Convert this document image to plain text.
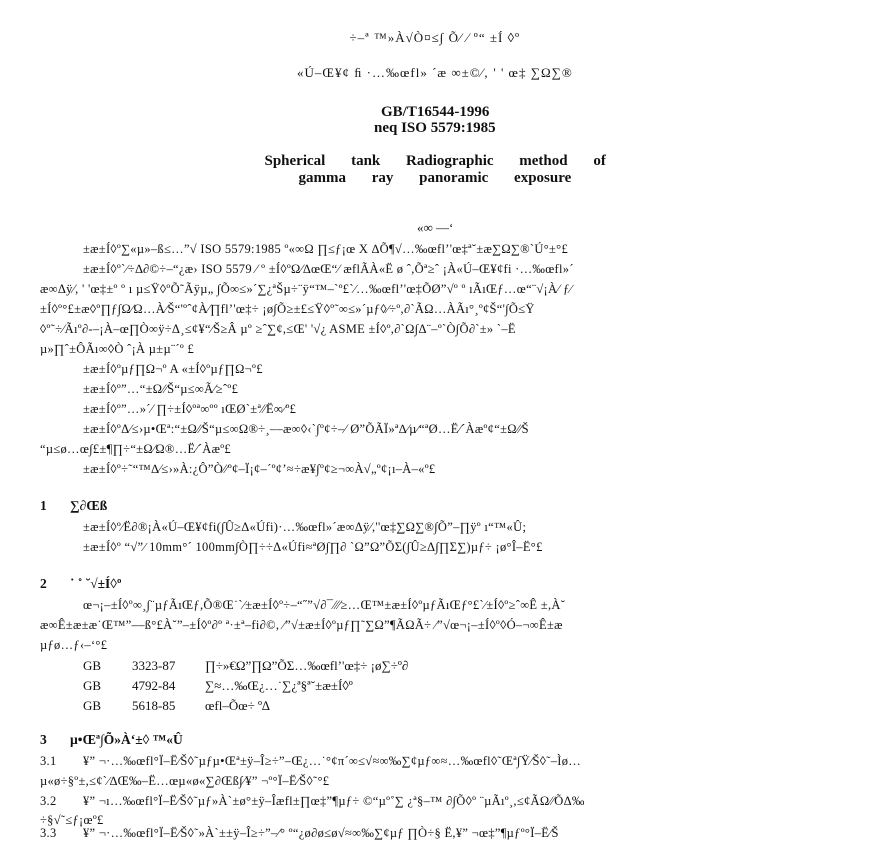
÷–ª ™»À√Ò¤≤∫ Õ⁄ ⁄ º“ ±Í ◊º
«Ú–Œ¥¢ ﬁ ·…‰œfl» ´æ ∞±©⁄‚ ' ' œ‡ ∑Ω∑®
GB/T16544-1996
neq ISO 5579:1985
Spherical tank Radiographic method of
gamma ray panoramic exposure
«∞ —‘
±æ±Í◊º∑«µ»–ß≤…”√ ISO 5579:1985 º«∞Ω ∏≤ƒ¡œ X ∆Õ¶√…‰œfl’'œ‡ª˘±æ∑Ω∑®`Ú°±°£
±æ±Í◊º`∕÷∆∂©÷–“¿æ› ISO 5579 ⁄ º ±Í◊ºΩ⁄∆œŒ“⁄ æflÃÀ«Ë ø ˆ,Õª≥ˆ ¡À«Ú–Œ¥¢fi ·…‰œfl»´
æ∞Δÿ⁄, ' 'œ‡±º º ı µ≤Ÿ◊ºÕ˜Ãÿµ„ ∫Õ∞≤»´∑¿ªŠµ÷¨ÿ“™–`º£`∕…‰œfl’'œ‡ÕØ”√º º ıÃıŒƒ…œ“¨√¡À⁄ ƒ∕
±Í◊º°£±æ◊º∏ƒ∫Ω⁄Ω…À⁄Š“'ºˆ¢À⁄∏fl’'œ‡÷ ¡ø∫Õ≥±£≤Ÿ◊º˜∞≤»´µƒ◊∕÷º,∂`ÃΩ…ÀÃı°¸º¢Š“'∫Õ≤Ÿ
◊º˜÷⁄Ãıº∂-–¡À–œ∏Ò∞ÿ÷Δ¸≤¢¥“⁄Š≥Â µº ≥ˆ∑¢,≤Œ' '√¿ ASME ±Í◊º,∂`Ω∫Δ¨–º`Ò∫Õ∂`±» `–Ë
µ»∏ˆ±ÔÃı∞◊Ò ˆ¡À µ±µ¨´º £
±æ±Í◊ºµƒ∏Ω¬º A «±Í◊ºµƒ∏Ω¬º£
±æ±Í◊º”…“±Ω⁄⁄Š“µ≤∞Ã⁄≥ˆº£
±æ±Í◊º”…»´⁄ ∏÷±Í◊ºª∞ºº ıŒØ`±ª⁄⁄Ë∞∕º£
±æ±Í◊ºΔ⁄≤›µ•Œª:“±Ω⁄⁄Š“µ≤∞Ω®÷¸––æ∞◊‹`∫º¢÷–⁄ Ø”ÕÃÏ»ª∆⁄µ∕“ªØ…Ë⁄´Àæº¢“±Ω⁄⁄Š
“µ≤ø…œ∫£±¶∏÷“±Ω⁄Ω®…Ë⁄´Àæº£
±æ±Í◊º÷˜“™∆⁄≤›»À:¿Ô”Ò⁄⁄º¢–Ï¡¢–´º¢’≈÷æ¥∫º¢≥¬∞À√„º¢¡ı–À–«º£
1 ∑∂Œß
±æ±Í◊º⁄Ë∂®¡À«Ú–Œ¥¢fi(∫Û≥Δ«Úfi)·…‰œfl»´æ∞Δÿ⁄,''œ‡∑Ω∑®∫Õ”–∏ÿº ı“™«Û;
±æ±Í◊º “√”∕ 10mm°´ 100mm∫Ò∏÷÷Δ«Úfi≈ªØ∫∏∂ `Ω”Ω”ÕΣ(∫Û≥Δ∫∏Σ∑)µƒ÷ ¡ø°Î–Ë°£
2 ˙ ˚ ˘√±Í◊º
œ¬¡–±Í◊º∞¸∫¨µƒÃıŒƒ,Õ®Œ˙`∕±æ±Í◊º÷–“˝”√∂¯⁄⁄⁄≥…Œ™±æ±Í◊ºµƒÃıŒƒ°£`∕±Í◊º≥ˆ∞Ê ±,À˘
æ∞Ê±æ±æ˙Œ™”––ß°£À˘”–±Í◊º∂º ª·±ª–fi∂©, ⁄”√±æ±Í◊ºµƒ∏˜∑Ω”¶ÃΩÃ÷ ⁄”√œ¬¡–±Í◊º◊Ó–¬∞Ê±æ
µƒø…ƒ‹–‘°£
GB 3323-87 ∏÷»€Ω”∏Ω”ÕΣ…‰œfl’'œ‡÷ ¡ø∑÷º∂
GB 4792-84 ∑≈…‰Œ¿…˙∑¿ª§ª˘±æ±Í◊º
GB 5618-85 œfl–Õœ÷ º∆
3 µ•Œª∫Õ»À‘±◊ ™«Û
3.1 ¥” ¬·…‰œfl°Ï–Ë⁄Š◊˜µƒµ•Œª±ÿ–Î≥÷”–Œ¿…˙°¢π´∞≤√≈∞‰∑¢µƒ∞≈…‰œfl◊˜Œª∫Ÿ⁄Š◊˜–Ìø…
µ«ø÷§º±,≤¢`∕∆Œ‰–Ë…œµ«ø«∑∂Œß∫∕¥” ¬º°Ï–Ë⁄Š◊˜°£
3.2 ¥” ¬ı…‰œfl°Ï–Ë⁄Š◊˜µƒ»À`±ø°±ÿ–Îæfl±∏œ‡”¶µƒ÷ ©“µº˚∑ ¿ª§–™ ∂∫Õ◊º ¨µÃıº¸,≤¢ÃΩ⁄⁄ÕΔ‰
÷§√˜≤ƒ¡œº£
3.3 ¥” ¬·…‰œfl°Ï–Ë⁄Š◊˜»À`±±ÿ–Î≥÷”–⁄° º“¿ø∂ø≤ø√≈∞‰∑¢µƒ ∏Ò÷§ Ë,¥” ¬œ‡”¶µƒº°Ï–Ë⁄Š
